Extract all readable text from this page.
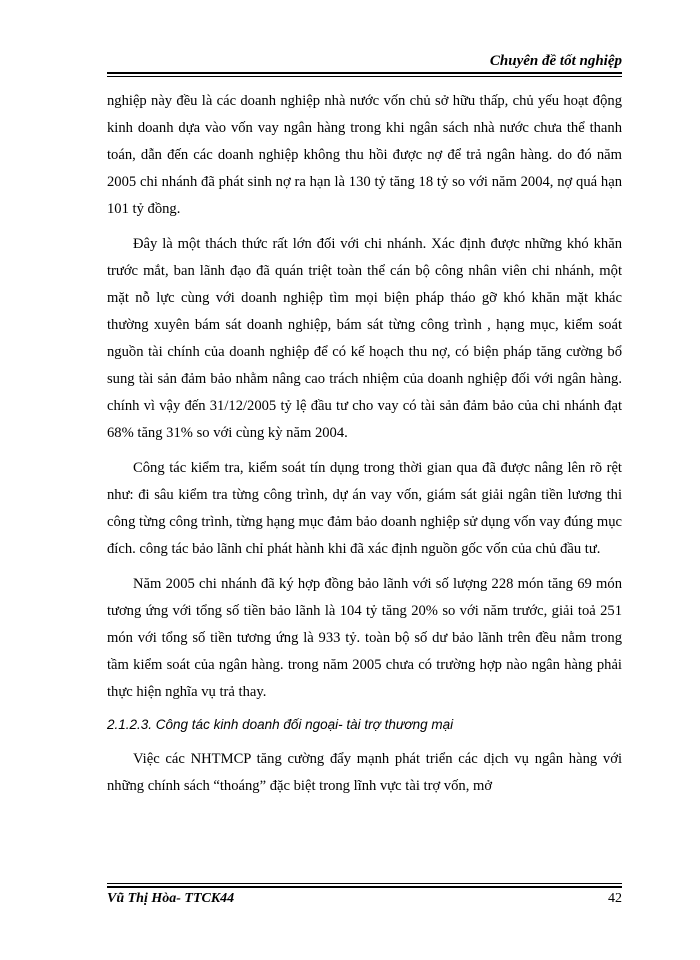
Chuyên đề tốt nghiệp

nghiệp này đều là các doanh nghiệp nhà nước vốn chủ sở hữu thấp, chủ yếu hoạt động kinh doanh dựa vào vốn vay ngân hàng trong khi ngân sách nhà nước chưa thể thanh toán, dẫn đến các doanh nghiệp không thu hồi được nợ để trả ngân hàng. do đó năm 2005 chi nhánh đã phát sinh nợ ra hạn là 130 tỷ tăng 18 tỷ so với năm 2004, nợ quá hạn 101 tỷ đồng.

Đây là một thách thức rất lớn đối với chi nhánh. Xác định được những khó khăn trước mắt, ban lãnh đạo đã quán triệt toàn thể cán bộ công nhân viên chi nhánh, một mặt nỗ lực cùng với doanh nghiệp tìm mọi biện pháp tháo gỡ khó khăn mặt khác thường xuyên bám sát doanh nghiệp, bám sát từng công trình , hạng mục, kiểm soát nguồn tài chính của doanh nghiệp để có kế hoạch thu nợ, có biện pháp tăng cường bổ sung tài sản đảm bảo nhằm nâng cao trách nhiệm của doanh nghiệp đối với ngân hàng. chính vì vậy đến 31/12/2005 tỷ lệ đầu tư cho vay có tài sản đảm bảo của chi nhánh đạt 68% tăng 31% so với cùng kỳ năm 2004.

Công tác kiểm tra, kiểm soát tín dụng trong thời gian qua đã được nâng lên rõ rệt như: đi sâu kiểm tra từng công trình, dự án vay vốn, giám sát giải ngân tiền lương thi công từng công trình, từng hạng mục đảm bảo doanh nghiệp sử dụng vốn vay đúng mục đích. công tác bảo lãnh chỉ phát hành khi đã xác định nguồn gốc vốn của chủ đầu tư.

Năm 2005 chi nhánh đã ký hợp đồng bảo lãnh với số lượng 228 món tăng 69 món tương ứng với tổng số tiền bảo lãnh là 104 tỷ tăng 20% so với năm trước, giải toả 251 món với tổng số tiền tương ứng là 933 tỷ. toàn bộ số dư bảo lãnh trên đều nằm trong tầm kiểm soát của ngân hàng. trong năm 2005 chưa có trường hợp nào ngân hàng phải thực hiện nghĩa vụ trả thay.

2.1.2.3. Công tác kinh doanh đối ngoại- tài trợ thương mại

Việc các NHTMCP tăng cường đẩy mạnh phát triển các dịch vụ ngân hàng với những chính sách “thoáng” đặc biệt trong lĩnh vực tài trợ vốn, mở

Vũ Thị Hòa- TTCK44	42
